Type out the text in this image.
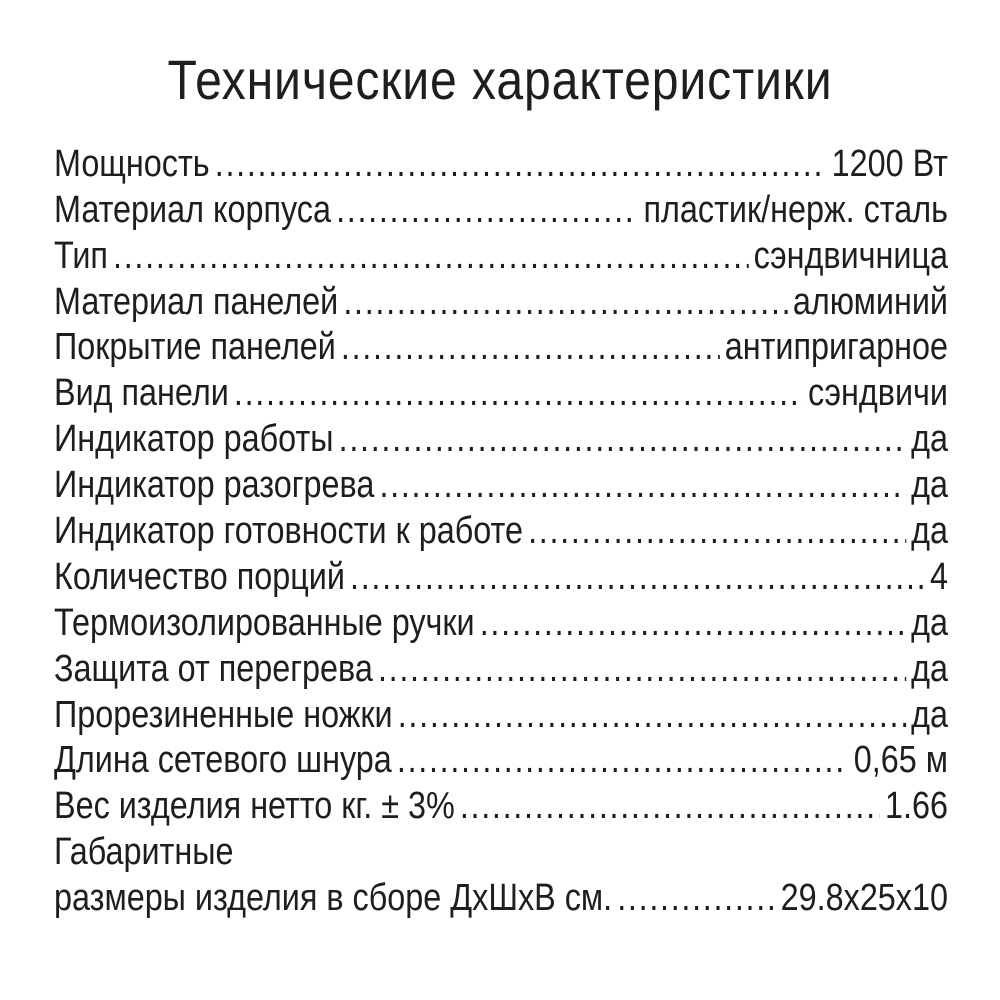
Технические характеристики
Мощность .....	1200 Вт
Материал корпуса .....	пластик/нерж. сталь
Тип .....	сэндвичница
Материал панелей .....	алюминий
Покрытие панелей .....	антипригарное
Вид панели .....	сэндвичи
Индикатор работы .....	да
Индикатор разогрева .....	да
Индикатор готовности к работе .....	да
Количество порций .....	4
Термоизолированные ручки .....	да
Защита от перегрева .....	да
Прорезиненные ножки .....	да
Длина сетевого шнура .....	0,65 м
Вес изделия нетто кг. ± 3% .....	1.66
Габаритные
размеры изделия в сборе ДхШхВ см. .....	29.8х25х10
